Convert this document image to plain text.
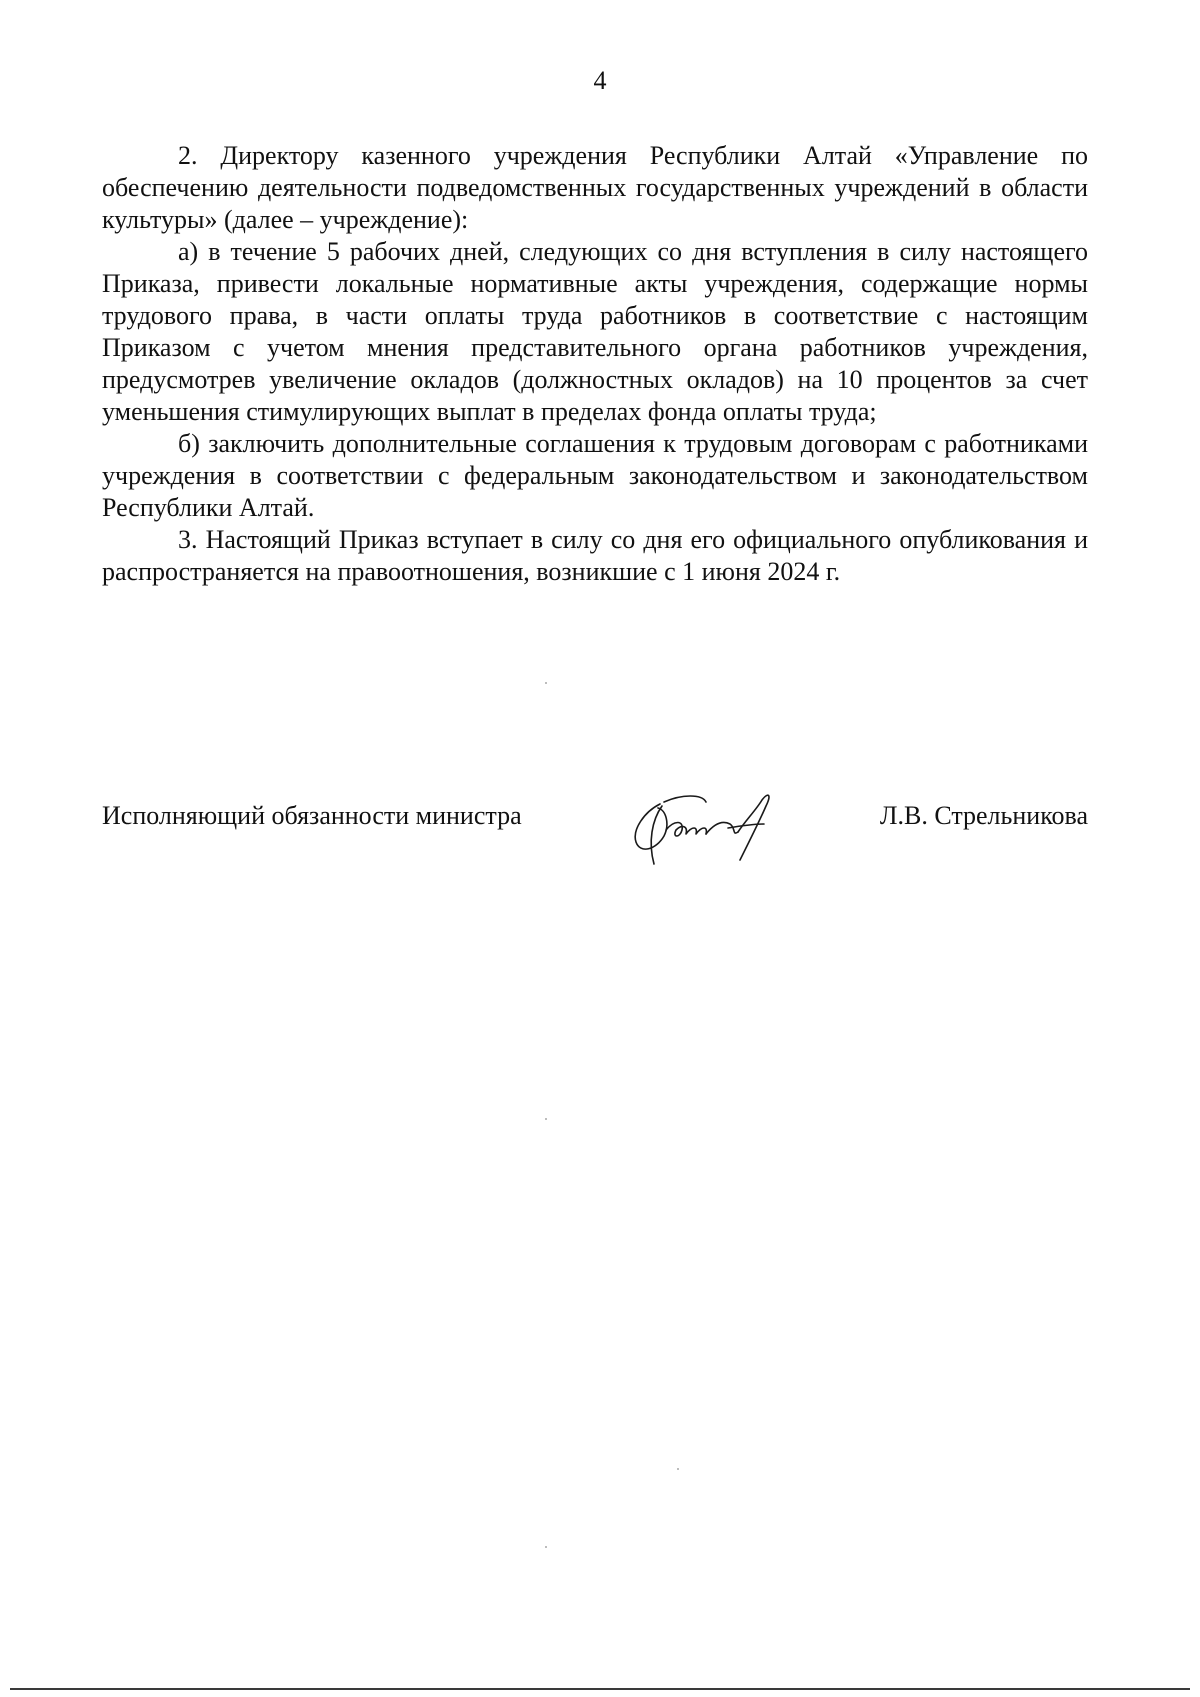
4

2. Директору казенного учреждения Республики Алтай «Управление по обеспечению деятельности подведомственных государственных учреждений в области культуры» (далее – учреждение):

а) в течение 5 рабочих дней, следующих со дня вступления в силу настоящего Приказа, привести локальные нормативные акты учреждения, содержащие нормы трудового права, в части оплаты труда работников в соответствие с настоящим Приказом с учетом мнения представительного органа работников учреждения, предусмотрев увеличение окладов (должностных окладов) на 10 процентов за счет уменьшения стимулирующих выплат в пределах фонда оплаты труда;

б) заключить дополнительные соглашения к трудовым договорам с работниками учреждения в соответствии с федеральным законодательством и законодательством Республики Алтай.

3. Настоящий Приказ вступает в силу со дня его официального опубликования и распространяется на правоотношения, возникшие с 1 июня 2024 г.

Исполняющий обязанности министра	Л.В. Стрельникова
